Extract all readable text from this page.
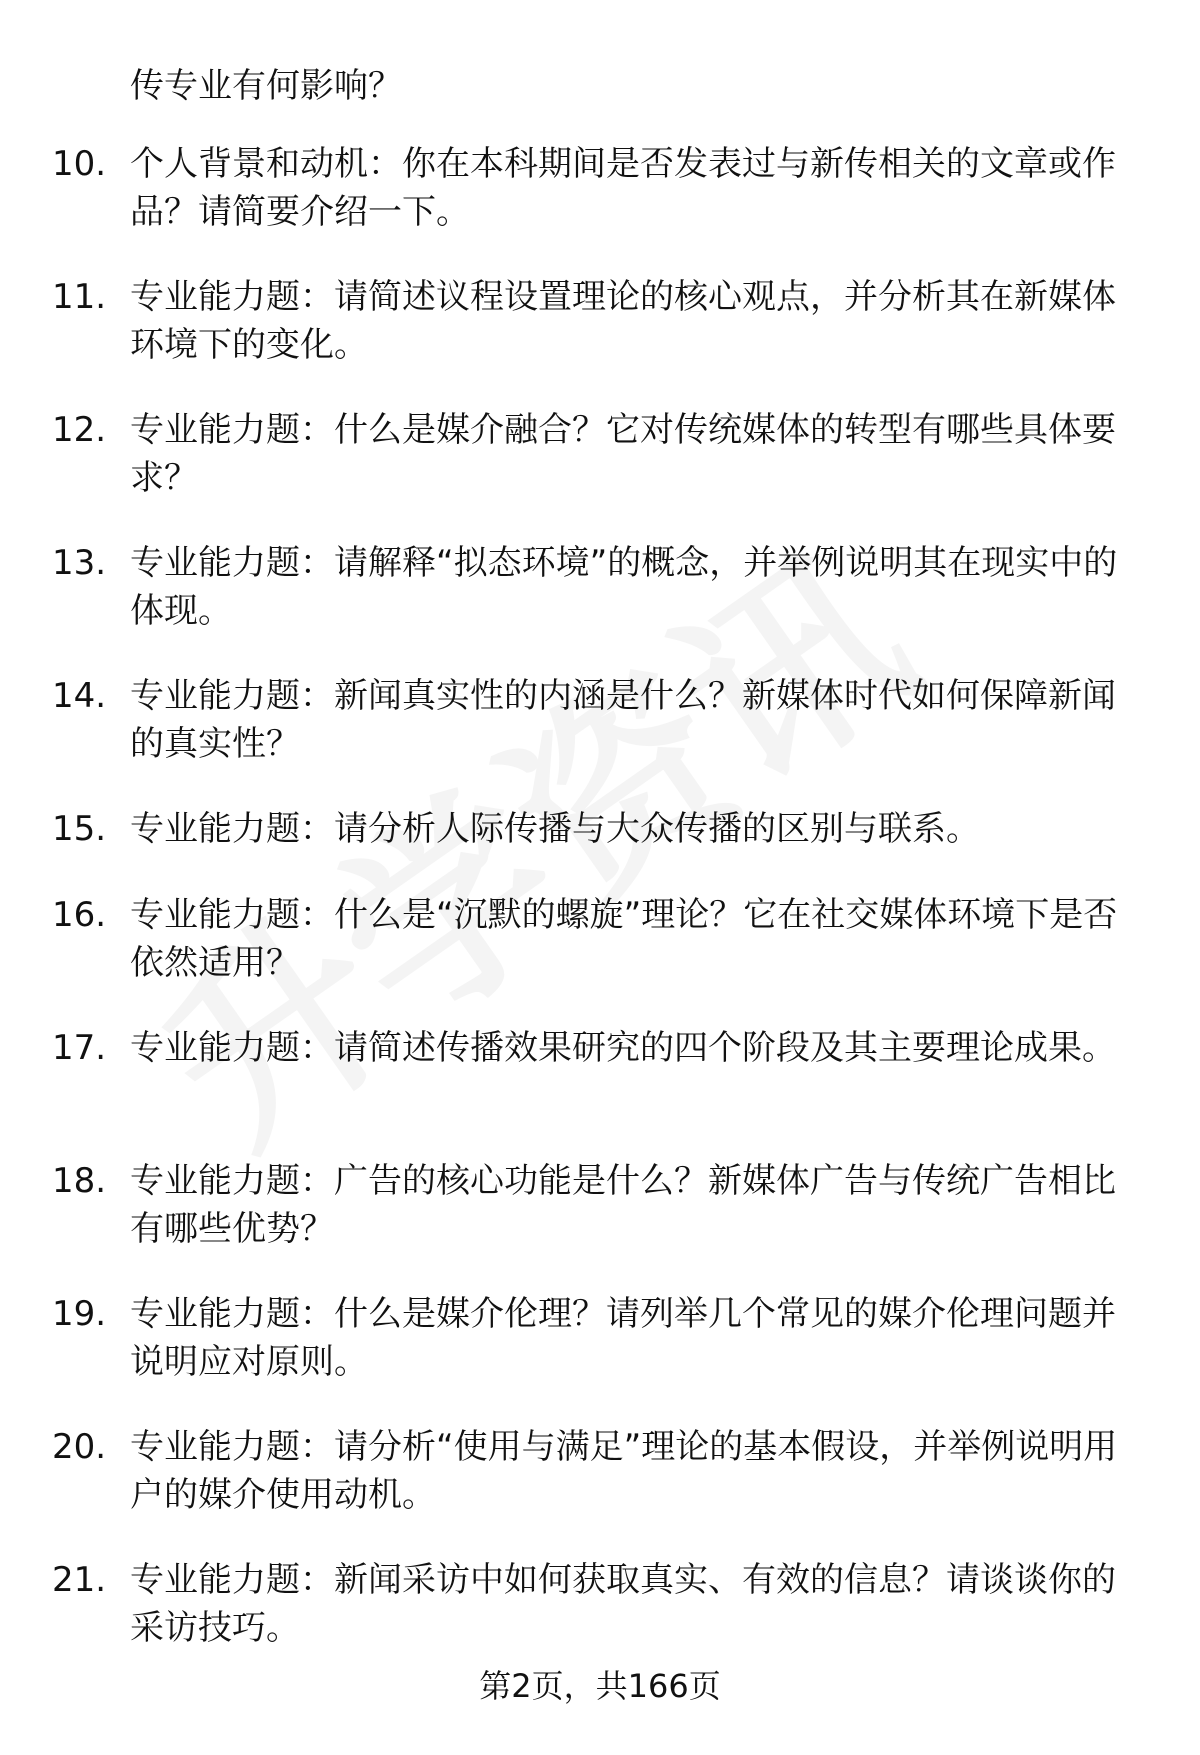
传专业有何影响？
10. 个人背景和动机：你在本科期间是否发表过与新传相关的文章或作品？请简要介绍一下。
11. 专业能力题：请简述议程设置理论的核心观点，并分析其在新媒体环境下的变化。
12. 专业能力题：什么是媒介融合？它对传统媒体的转型有哪些具体要求？
13. 专业能力题：请解释“拟态环境”的概念，并举例说明其在现实中的体现。
14. 专业能力题：新闻真实性的内涵是什么？新媒体时代如何保障新闻的真实性？
15. 专业能力题：请分析人际传播与大众传播的区别与联系。
16. 专业能力题：什么是“沉默的螺旋”理论？它在社交媒体环境下是否依然适用？
17. 专业能力题：请简述传播效果研究的四个阶段及其主要理论成果。
18. 专业能力题：广告的核心功能是什么？新媒体广告与传统广告相比有哪些优势？
19. 专业能力题：什么是媒介伦理？请列举几个常见的媒介伦理问题并说明应对原则。
20. 专业能力题：请分析“使用与满足”理论的基本假设，并举例说明用户的媒介使用动机。
21. 专业能力题：新闻采访中如何获取真实、有效的信息？请谈谈你的采访技巧。
第2页，共166页
